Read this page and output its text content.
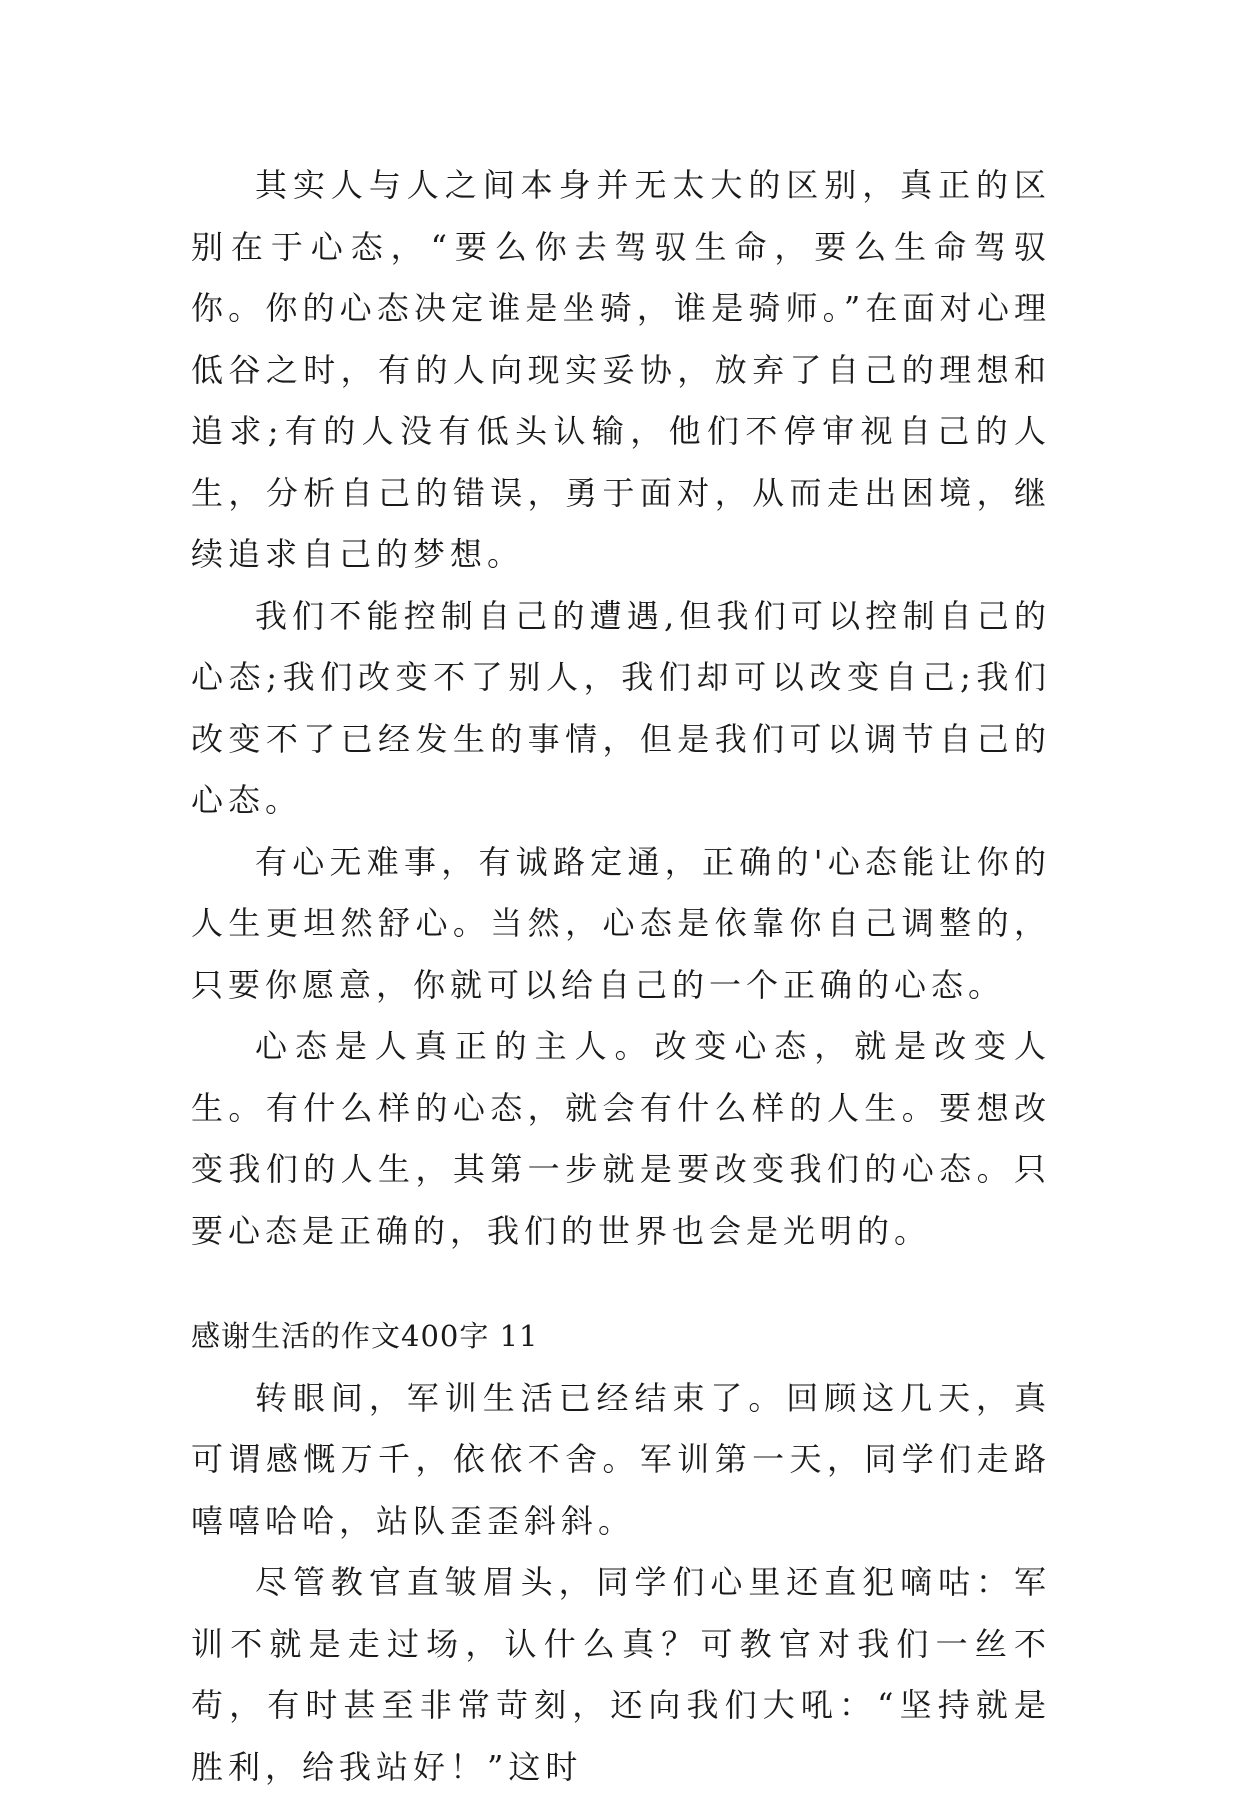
其实人与人之间本身并无太大的区别，真正的区别在于心态，“要么你去驾驭生命，要么生命驾驭你。你的心态决定谁是坐骑，谁是骑师。”在面对心理低谷之时，有的人向现实妥协，放弃了自己的理想和追求;有的人没有低头认输，他们不停审视自己的人生，分析自己的错误，勇于面对，从而走出困境，继续追求自己的梦想。

我们不能控制自己的遭遇,但我们可以控制自己的心态;我们改变不了别人，我们却可以改变自己;我们改变不了已经发生的事情，但是我们可以调节自己的心态。

有心无难事，有诚路定通，正确的'心态能让你的人生更坦然舒心。当然，心态是依靠你自己调整的，只要你愿意，你就可以给自己的一个正确的心态。

心态是人真正的主人。改变心态，就是改变人生。有什么样的心态，就会有什么样的人生。要想改变我们的人生，其第一步就是要改变我们的心态。只要心态是正确的，我们的世界也会是光明的。

感谢生活的作文400字 11

转眼间，军训生活已经结束了。回顾这几天，真可谓感慨万千，依依不舍。军训第一天，同学们走路嘻嘻哈哈，站队歪歪斜斜。

尽管教官直皱眉头，同学们心里还直犯嘀咕：军训不就是走过场，认什么真？可教官对我们一丝不苟，有时甚至非常苛刻，还向我们大吼：“坚持就是胜利，给我站好！”这时
